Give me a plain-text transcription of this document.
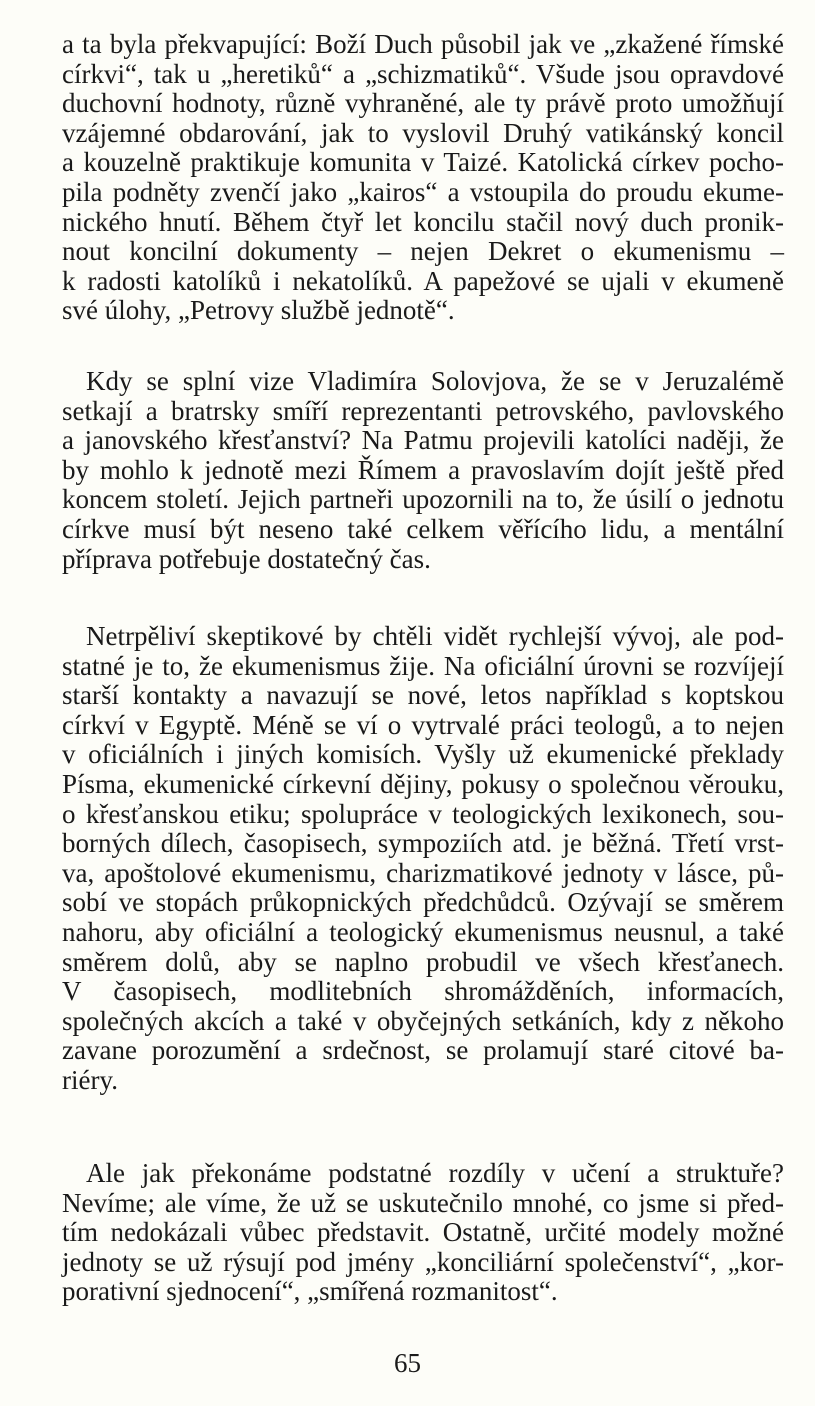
a ta byla překvapující: Boží Duch působil jak ve „zkažené římské
církvi“, tak u „heretiků“ a „schizmatiků“. Všude jsou opravdové
duchovní hodnoty, různě vyhraněné, ale ty právě proto umožňují
vzájemné obdarování, jak to vyslovil Druhý vatikánský koncil
a kouzelně praktikuje komunita v Taizé. Katolická církev pocho-
pila podněty zvenčí jako „kairos“ a vstoupila do proudu ekume-
nického hnutí. Během čtyř let koncilu stačil nový duch pronik-
nout koncilní dokumenty – nejen Dekret o ekumenismu –
k radosti katolíků i nekatolíků. A papežové se ujali v ekumeně
své úlohy, „Petrovy službě jednotě“.
Kdy se splní vize Vladimíra Solovjova, že se v Jeruzalémě
setkají a bratrsky smíří reprezentanti petrovského, pavlovského
a janovského křesťanství? Na Patmu projevili katolíci naději, že
by mohlo k jednotě mezi Římem a pravoslavím dojít ještě před
koncem století. Jejich partneři upozornili na to, že úsilí o jednotu
církve musí být neseno také celkem věřícího lidu, a mentální
příprava potřebuje dostatečný čas.
Netrpěliví skeptikové by chtěli vidět rychlejší vývoj, ale pod-
statné je to, že ekumenismus žije. Na oficiální úrovni se rozvíjejí
starší kontakty a navazují se nové, letos například s koptskou
církví v Egyptě. Méně se ví o vytrvalé práci teologů, a to nejen
v oficiálních i jiných komisích. Vyšly už ekumenické překlady
Písma, ekumenické církevní dějiny, pokusy o společnou věrouku,
o křesťanskou etiku; spolupráce v teologických lexikonech, sou-
borných dílech, časopisech, sympoziích atd. je běžná. Třetí vrst-
va, apoštolové ekumenismu, charizmatikové jednoty v lásce, pů-
sobí ve stopách průkopnických předchůdců. Ozývají se směrem
nahoru, aby oficiální a teologický ekumenismus neusnul, a také
směrem dolů, aby se naplno probudil ve všech křesťanech.
V časopisech, modlitebních shromážděních, informacích,
společných akcích a také v obyčejných setkáních, kdy z někoho
zavane porozumění a srdečnost, se prolamují staré citové ba-
riéry.
Ale jak překonáme podstatné rozdíly v učení a struktuře?
Nevíme; ale víme, že už se uskutečnilo mnohé, co jsme si před-
tím nedokázali vůbec představit. Ostatně, určité modely možné
jednoty se už rýsují pod jmény „konciliární společenství“, „kor-
porativní sjednocení“, „smířená rozmanitost“.
65
